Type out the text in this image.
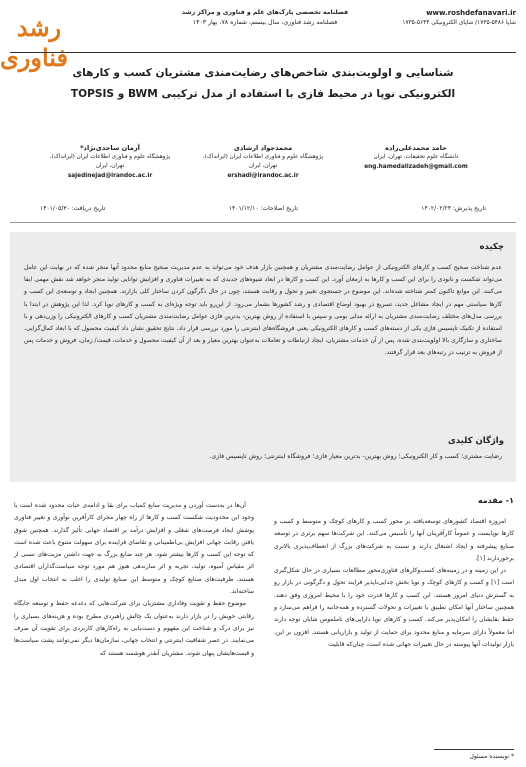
رشد فناوری
فصلنامه تخصصی پارک‌های علم و فناوری و مراکز رشد
فصلنامه رشد فناوری، سال بیستم، شماره ۷۸، بهار ۱۴۰۳
www.roshdefanavari.ir
شاپا ۵۴۸۶-۱۷۳۵/ شاپای الکترونیکی ۵۶۴۴-۱۷۳۵
شناسایی و اولویت‌بندی شاخص‌های رضایت‌مندی مشتریان کسب و کارهای
الکترونیکی نوپا در محیط فازی با استفاده از مدل ترکیبی BWM و TOPSIS
حامد محمدعلی‌زاده
دانشگاه علوم تحقیقات، تهران، ایران
eng.hamedalizadeh@gmail.com
محمدجواد ارشادی
پژوهشگاه علوم و فناوری اطلاعات ایران (ایرانداک)،
تهران، ایران
ershadi@irandoc.ac.ir
آرمان ساجدی‌نژاد*
پژوهشگاه علوم و فناوری اطلاعات ایران (ایرانداک)،
تهران، ایران
sajedinejad@irandoc.ac.ir
تاریخ دریافت: ۱۴۰۱/۰۵/۳۰	تاریخ اصلاحات: ۱۴۰۱/۱۲/۱۰	تاریخ پذیرش: ۱۴۰۲/۰۲/۲۴
چکیده
عدم شناخت صحیح کسب و کارهای الکترونیکی از عوامل رضایت‌مندی مشتریان و همچنین بازار هدف خود می‌تواند به عدم مدیریت صحیح منابع محدود آنها منجر شده که در نهایت این عامل می‌تواند شکست و نابودی را برای این کسب و کارها به ارمغان آورد. این کسب و کارها در ابعاد شیوه‌های جدیدی که به تغییرات فناوری و افزایش توانایی تولید منجر خواهد شد نقش مهمی ایفا می‌کنند. این موانع تاکنون کمتر شناخته شده‌اند. این موضوع در جستجوی تغییر و تحول و رقابت هستند، چون در حال دگرگون کردن ساختار کلی بازارند. همچنین ایجاد و توسعه‌ی این کسب و کارها سیاستی مهم در ایجاد مشاغل جدید، تسریع در بهبود اوضاع اقتصادی و رشد کشورها بشمار می‌رود. از این‌رو باید توجه ویژه‌ای به کسب و کارهای نوپا کرد. لذا این پژوهش در ابتدا با بررسی مدل‌های مختلف رضایت‌مندی مشتریان به ارائه مدلی بومی و سپس با استفاده از روش بهترین- بدترین فازی عوامل رضایت‌مندی مشتریان کسب و کارهای الکترونیکی را وزن‌دهی و با استفاده از تکنیک تاپسیس فازی یکی از دسته‌های کسب و کارهای الکترونیکی یعنی فروشگاه‌های اینترنتی را مورد بررسی قرار داد. نتایج تحقیق نشان داد کیفیت محصول که با ابعاد کمال‌گرایی، ساختاری و سازگاری بالا اولویت‌بندی شده، پس از آن خدمات مشتریان، ایجاد ارتباطات و تعاملات به‌عنوان بهترین معیار و بعد از آن کیفیت محصول و خدمات، قیمت/ زمان، فروش و خدمات پس از فروش به ترتیب در رتبه‌های بعد قرار گرفتند.
واژگان کلیدی
رضایت مشتری؛ کسب و کار الکترونیکی؛ روش بهترین- بدترین معیار فازی؛ فروشگاه اینترنتی؛ روش تاپسیس فازی.
۱- مقدمه

امروزه اقتصاد کشورهای توسعه‌یافته بر محور کسب و کارهای کوچک و متوسط و کسب و کارها نوپایست و عموماً کارآفرینان آنها را تأسیس می‌کنند. این شرکت‌ها سهم برتری در توسعه صنایع پیشرفته و ایجاد اشتغال دارند و نسبت به شرکت‌های بزرگ از انعطاف‌پذیری بالاتری برخوردارند [۱].

در این زمینه و در زمینه‌های کسب‌وکارهای فناوری‌محور مطالعات بسیاری در حال شکل‌گیری است [۱] و کسب و کارهای کوچک و نوپا بخش جدایی‌ناپذیر فرایند تحول و دگرگونی در بازار رو به گسترش دنیای امروز هستند. این کسب و کارها قدرت خود را با محیط امروزی وفق دهند. همچنین ساختار آنها امکان تطبیق با تغییرات و تحولات گسترده و همه‌جانبه را فراهم می‌سازد و حفظ بقایشان را امکان‌پذیر می‌کند. کسب و کارهای نوپا دارایی‌های ناملموس شایان توجه دارند اما معمولاً دارای سرمایه و منابع محدود برای حمایت از تولید و بازاریابی هستند. افزون بر این، بازار تولیدات آنها پیوسته در حال تغییرات جهانی شده است، چنان‌که قابلیت

آن‌ها در به‌دست آوردن و مدیریت منابع کمیاب برای بقا و ادامه‌ی حیات محدود شده است با وجود این محدودیت شکست کسب و کارها از راه چهار مجرای کارآفرین نوآوری و تغییر فناوری پوشش ایجاد فرصت‌های شغلی و افزایش درآمد بر اقتصاد جهانی تأثیر گذارند. همچنین شوق یافتن رقابت جهانی افزایش بی‌اطمینانی و تقاضای فزاینده برای سهولت متنوع باعث شده است که توجه این کسب و کارها بیشتر شود. هر چند ضایع بزرگ به جهت داشتن مزیت‌های نسبی از اثر مقیاس آمیوه، تولید، تجربه و اثر سازندهی هنوز هم مورد توجه سیاست‌گذاران اقتصادی هستند. ظرفیت‌های صنایع کوچک و متوسط این صنایع تولیدی را اغلب به انتخاب اول مبدل ساخته‌اند.

موضوع حفظ و تقویت وفاداری مشتریان برای شرکت‌هایی که دغدغه حفظ و توسعه جایگاه رقابتی خویش را در بازار دارند به‌عنوان یک چالش راهبردی مطرح بوده و هزینه‌های بسیاری را نیز برای درک و شناخت این مفهوم و دست‌یابی به راه‌کارهای کاربردی برای تقویت آن صرف می‌نمایند. در عصر شفافیت اینترنتی و انتخاب جهانی، سازمان‌ها دیگر نمی‌توانند پشت سیاست‌ها و قیمت‌هایشان پنهان شوند. مشتریان آنقدر هوشمند هستند که

* نویسنده مسئول
